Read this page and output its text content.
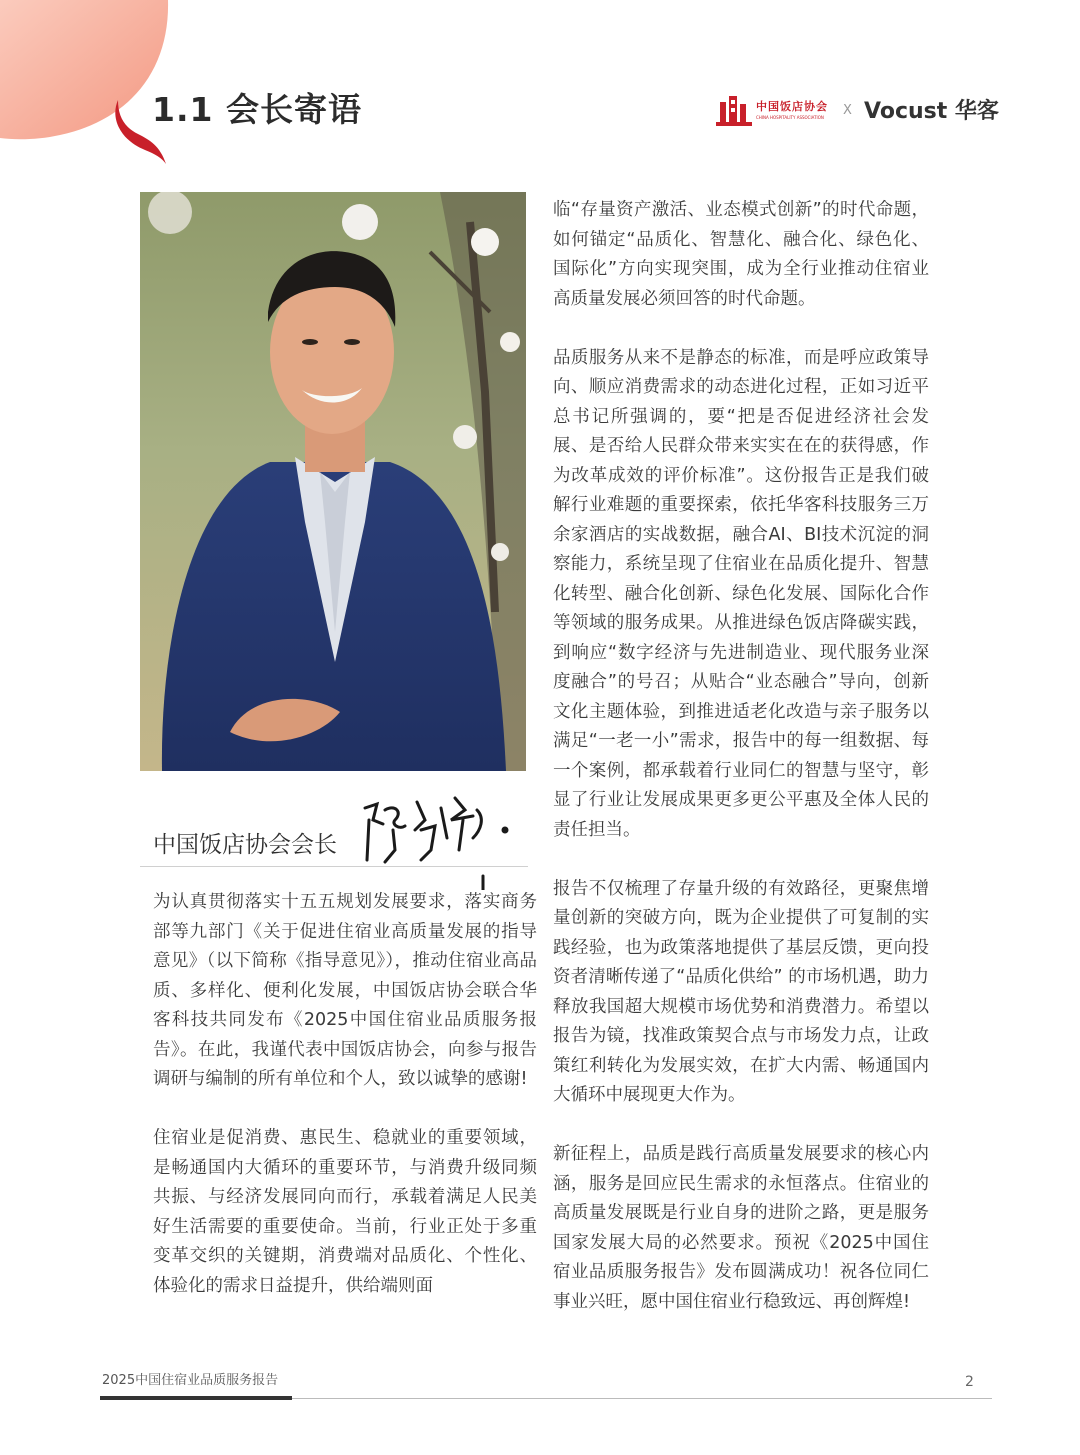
1.1 会长寄语	中国饭店协会
CHINA HOSPITALITY ASSOCIATION X Vocust 华客
中国饭店协会会长

为认真贯彻落实十五五规划发展要求，落实商务部等九部门《关于促进住宿业高质量发展的指导意见》（以下简称《指导意见》），推动住宿业高品质、多样化、便利化发展，中国饭店协会联合华客科技共同发布《2025中国住宿业品质服务报告》。在此，我谨代表中国饭店协会，向参与报告调研与编制的所有单位和个人，致以诚挚的感谢!

住宿业是促消费、惠民生、稳就业的重要领域，是畅通国内大循环的重要环节，与消费升级同频共振、与经济发展同向而行，承载着满足人民美好生活需要的重要使命。当前，行业正处于多重变革交织的关键期，消费端对品质化、个性化、体验化的需求日益提升，供给端则面

临“存量资产激活、业态模式创新”的时代命题，如何锚定“品质化、智慧化、融合化、绿色化、国际化”方向实现突围，成为全行业推动住宿业高质量发展必须回答的时代命题。

品质服务从来不是静态的标准，而是呼应政策导向、顺应消费需求的动态进化过程，正如习近平总书记所强调的，要“把是否促进经济社会发展、是否给人民群众带来实实在在的获得感，作为改革成效的评价标准”。这份报告正是我们破解行业难题的重要探索，依托华客科技服务三万余家酒店的实战数据，融合AI、BI技术沉淀的洞察能力，系统呈现了住宿业在品质化提升、智慧化转型、融合化创新、绿色化发展、国际化合作等领域的服务成果。从推进绿色饭店降碳实践，到响应“数字经济与先进制造业、现代服务业深度融合”的号召；从贴合“业态融合”导向，创新文化主题体验，到推进适老化改造与亲子服务以满足“一老一小”需求，报告中的每一组数据、每一个案例，都承载着行业同仁的智慧与坚守，彰显了行业让发展成果更多更公平惠及全体人民的责任担当。

报告不仅梳理了存量升级的有效路径，更聚焦增量创新的突破方向，既为企业提供了可复制的实践经验，也为政策落地提供了基层反馈，更向投资者清晰传递了“品质化供给” 的市场机遇，助力释放我国超大规模市场优势和消费潜力。希望以报告为镜，找准政策契合点与市场发力点，让政策红利转化为发展实效，在扩大内需、畅通国内大循环中展现更大作为。

新征程上，品质是践行高质量发展要求的核心内涵，服务是回应民生需求的永恒落点。住宿业的高质量发展既是行业自身的进阶之路，更是服务国家发展大局的必然要求。预祝《2025中国住宿业品质服务报告》发布圆满成功！祝各位同仁事业兴旺，愿中国住宿业行稳致远、再创辉煌!

2025中国住宿业品质服务报告	2
